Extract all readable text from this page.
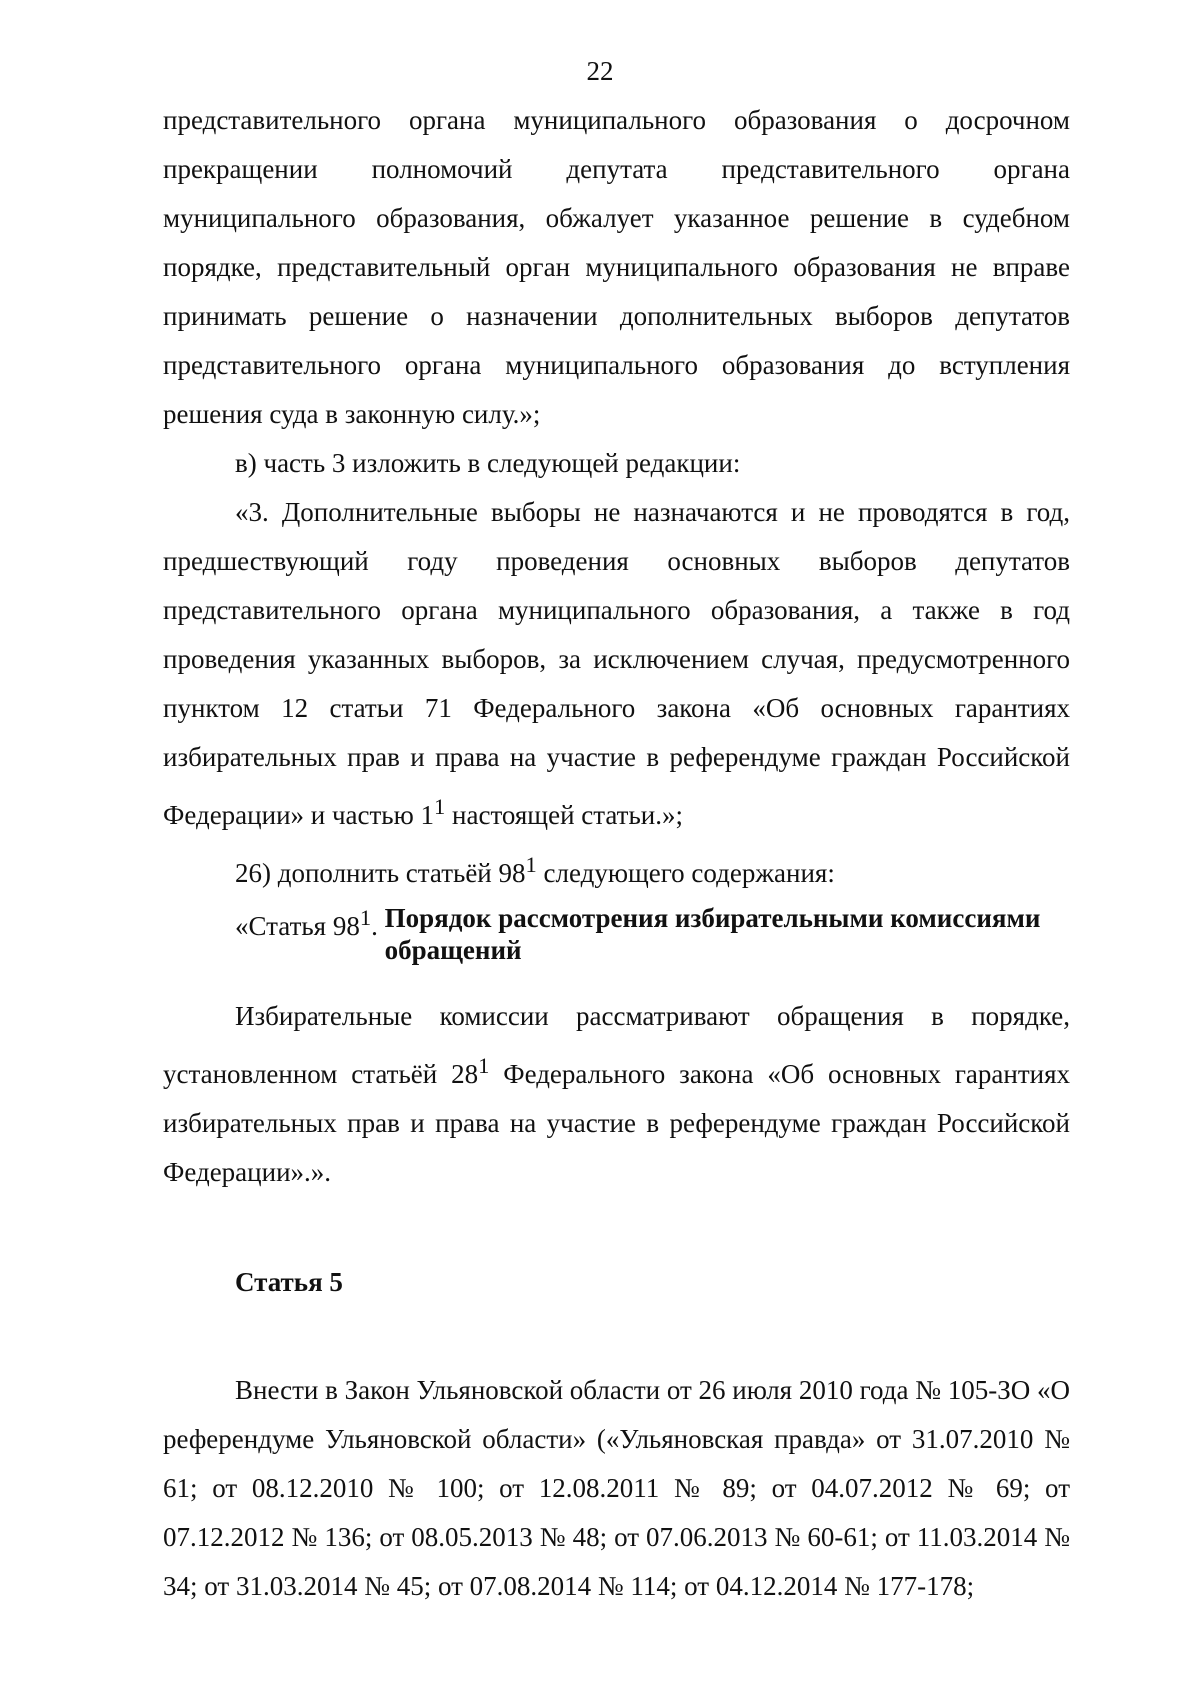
22

представительного органа муниципального образования о досрочном прекращении полномочий депутата представительного органа муниципального образования, обжалует указанное решение в судебном порядке, представительный орган муниципального образования не вправе принимать решение о назначении дополнительных выборов депутатов представительного органа муниципального образования до вступления решения суда в законную силу.»;

в) часть 3 изложить в следующей редакции:

«3. Дополнительные выборы не назначаются и не проводятся в год, предшествующий году проведения основных выборов депутатов представительного органа муниципального образования, а также в год проведения указанных выборов, за исключением случая, предусмотренного пунктом 12 статьи 71 Федерального закона «Об основных гарантиях избирательных прав и права на участие в референдуме граждан Российской Федерации» и частью $1^1$ настоящей статьи.»;

26) дополнить статьёй $98^1$ следующего содержания:

«Статья $98^1$. Порядок рассмотрения избирательными комиссиями
обращений

Избирательные комиссии рассматривают обращения в порядке, установленном статьёй $28^1$ Федерального закона «Об основных гарантиях избирательных прав и права на участие в референдуме граждан Российской Федерации».».

Статья 5

Внести в Закон Ульяновской области от 26 июля 2010 года № 105-ЗО «О референдуме Ульяновской области» («Ульяновская правда» от 31.07.2010 № 61; от 08.12.2010 № 100; от 12.08.2011 № 89; от 04.07.2012 № 69; от 07.12.2012 № 136; от 08.05.2013 № 48; от 07.06.2013 № 60-61; от 11.03.2014 № 34; от 31.03.2014 № 45; от 07.08.2014 № 114; от 04.12.2014 № 177-178;
